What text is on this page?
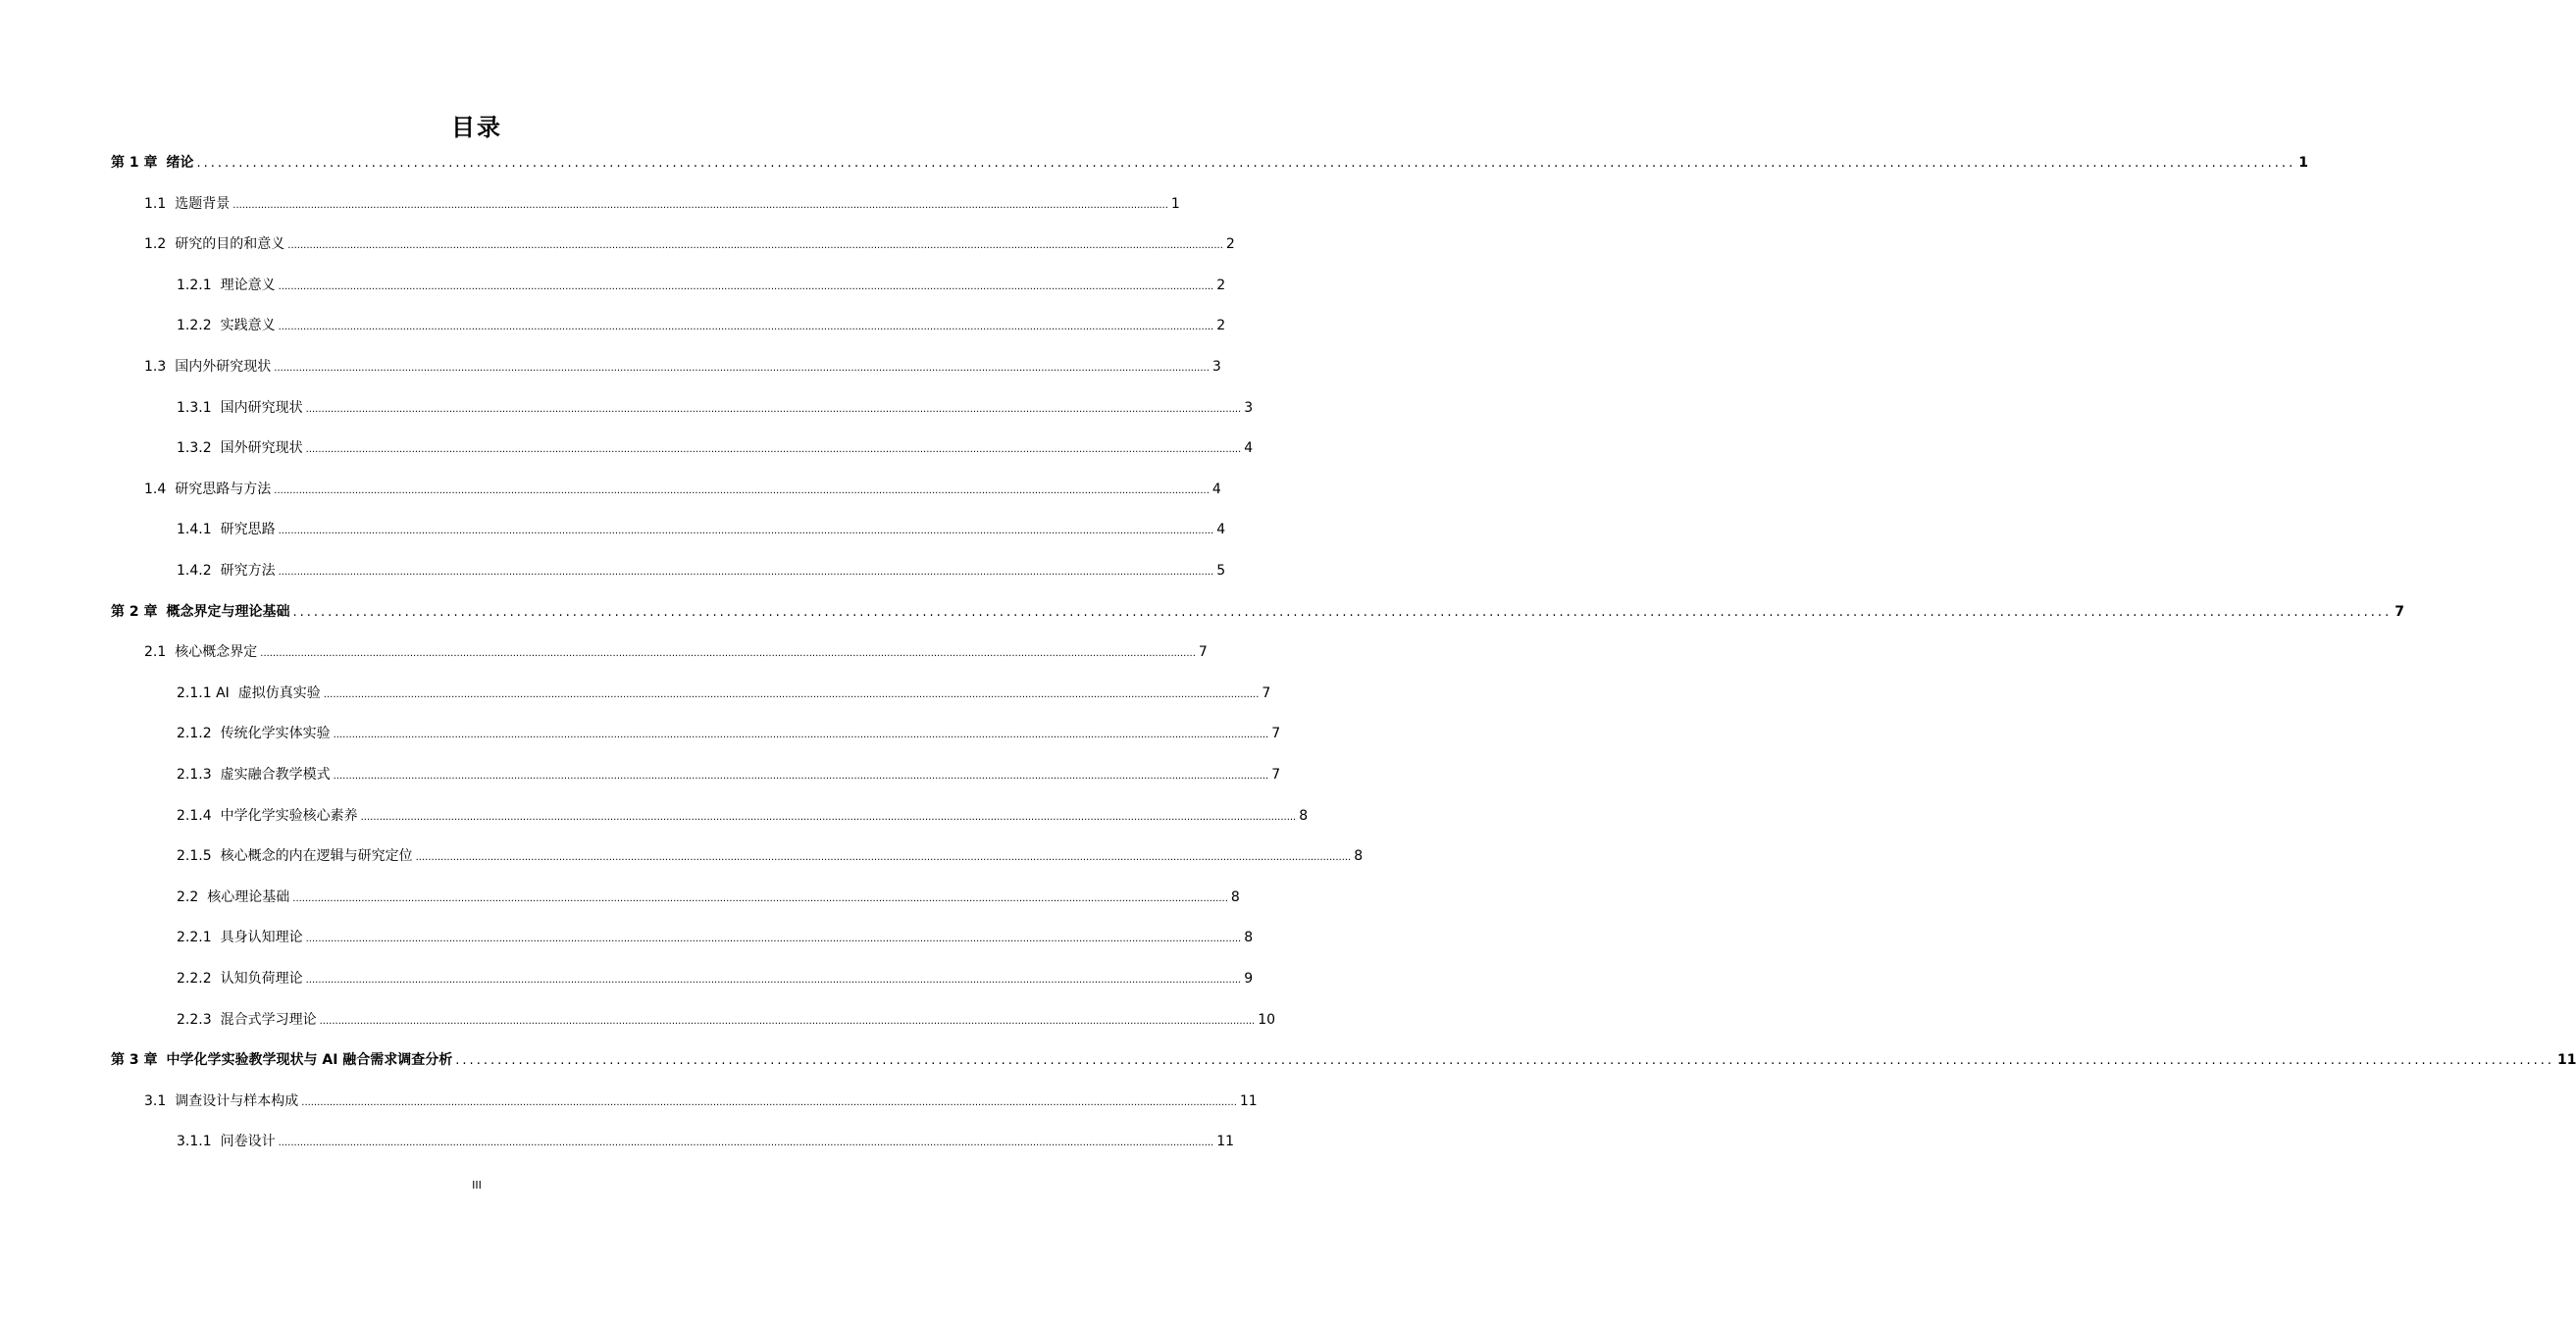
目录
第 1 章 绪论 ............................................................................................................................................................................................................................................................................................................ 1
1.1 选题背景 ............................................................................................................................................................................................................................................................................................................ 1
1.2 研究的目的和意义 ............................................................................................................................................................................................................................................................................................................ 2
1.2.1 理论意义 ............................................................................................................................................................................................................................................................................................................ 2
1.2.2 实践意义 ............................................................................................................................................................................................................................................................................................................ 2
1.3 国内外研究现状 ............................................................................................................................................................................................................................................................................................................ 3
1.3.1 国内研究现状 ............................................................................................................................................................................................................................................................................................................ 3
1.3.2 国外研究现状 ............................................................................................................................................................................................................................................................................................................ 4
1.4 研究思路与方法 ............................................................................................................................................................................................................................................................................................................ 4
1.4.1 研究思路 ............................................................................................................................................................................................................................................................................................................ 4
1.4.2 研究方法 ............................................................................................................................................................................................................................................................................................................ 5
第 2 章 概念界定与理论基础 ............................................................................................................................................................................................................................................................................................................ 7
2.1 核心概念界定 ............................................................................................................................................................................................................................................................................................................ 7
2.1.1 AI 虚拟仿真实验 ............................................................................................................................................................................................................................................................................................................ 7
2.1.2 传统化学实体实验 ............................................................................................................................................................................................................................................................................................................ 7
2.1.3 虚实融合教学模式 ............................................................................................................................................................................................................................................................................................................ 7
2.1.4 中学化学实验核心素养 ............................................................................................................................................................................................................................................................................................................ 8
2.1.5 核心概念的内在逻辑与研究定位 ............................................................................................................................................................................................................................................................................................................ 8
2.2 核心理论基础 ............................................................................................................................................................................................................................................................................................................ 8
2.2.1 具身认知理论 ............................................................................................................................................................................................................................................................................................................ 8
2.2.2 认知负荷理论 ............................................................................................................................................................................................................................................................................................................ 9
2.2.3 混合式学习理论 ............................................................................................................................................................................................................................................................................................................ 10
第 3 章 中学化学实验教学现状与 AI 融合需求调查分析 ............................................................................................................................................................................................................................................................................................................ 11
3.1 调查设计与样本构成 ............................................................................................................................................................................................................................................................................................................ 11
3.1.1 问卷设计 ............................................................................................................................................................................................................................................................................................................ 11
III
